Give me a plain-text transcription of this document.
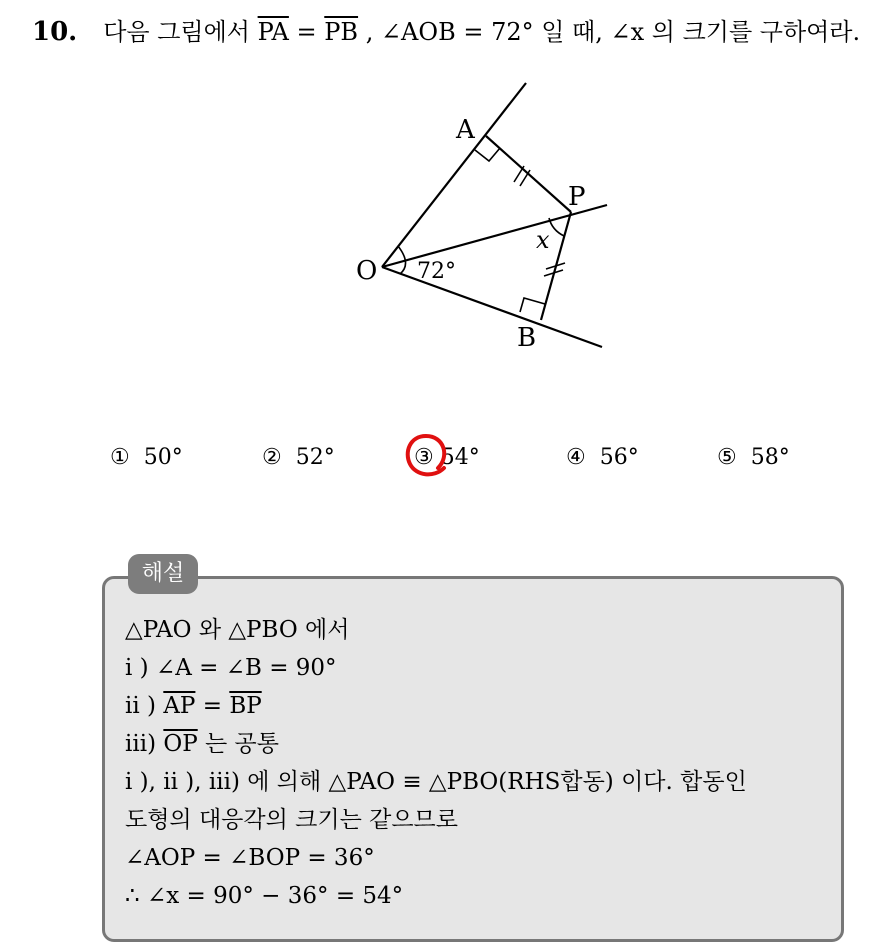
10. 다음 그림에서 $\overline{PA} = \overline{PB}$ , ∠AOB = 72° 일 때, ∠x 의 크기를 구하여라.
A
P
O
B
x
72°
① 50°	② 52°	③ 54°	④ 56°	⑤ 58°
해설
△PAO 와 △PBO 에서
i ) ∠A = ∠B = 90°
ii ) $\overline{AP} = \overline{BP}$
iii) $\overline{OP}$ 는 공통
i ), ii ), iii) 에 의해 △PAO ≡ △PBO(RHS합동) 이다. 합동인
도형의 대응각의 크기는 같으므로
∠AOP = ∠BOP = 36°
∴ ∠x = 90° − 36° = 54°
